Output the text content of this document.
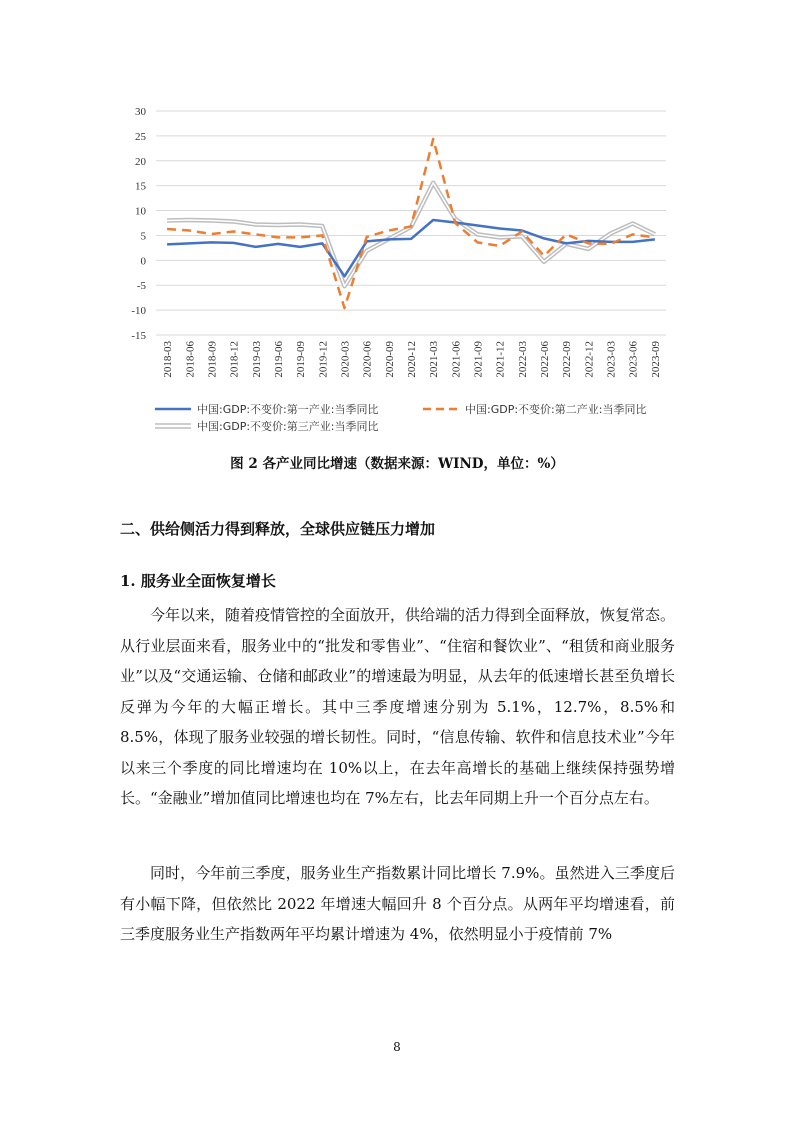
30
25
20
15
10
5
0
-5
-10
-15
2018-03 2018-06 2018-09 2018-12 2019-03 2019-06 2019-09 2019-12 2020-03 2020-06 2020-09 2020-12 2021-03 2021-06 2021-09 2021-12 2022-03 2022-06 2022-09 2022-12 2023-03 2023-06 2023-09
中国:GDP:不变价:第一产业:当季同比	中国:GDP:不变价:第二产业:当季同比
中国:GDP:不变价:第三产业:当季同比
图 2 各产业同比增速（数据来源：WIND，单位：%）
二、供给侧活力得到释放，全球供应链压力增加
1. 服务业全面恢复增长

今年以来，随着疫情管控的全面放开，供给端的活力得到全面释放，恢复常态。从行业层面来看，服务业中的“批发和零售业”、“住宿和餐饮业”、“租赁和商业服务业”以及“交通运输、仓储和邮政业”的增速最为明显，从去年的低速增长甚至负增长反弹为今年的大幅正增长。其中三季度增速分别为 5.1%，12.7%，8.5%和 8.5%，体现了服务业较强的增长韧性。同时，“信息传输、软件和信息技术业”今年以来三个季度的同比增速均在 10%以上，在去年高增长的基础上继续保持强势增长。“金融业”增加值同比增速也均在 7%左右，比去年同期上升一个百分点左右。

同时，今年前三季度，服务业生产指数累计同比增长 7.9%。虽然进入三季度后有小幅下降，但依然比 2022 年增速大幅回升 8 个百分点。从两年平均增速看，前三季度服务业生产指数两年平均累计增速为 4%，依然明显小于疫情前 7%

8
